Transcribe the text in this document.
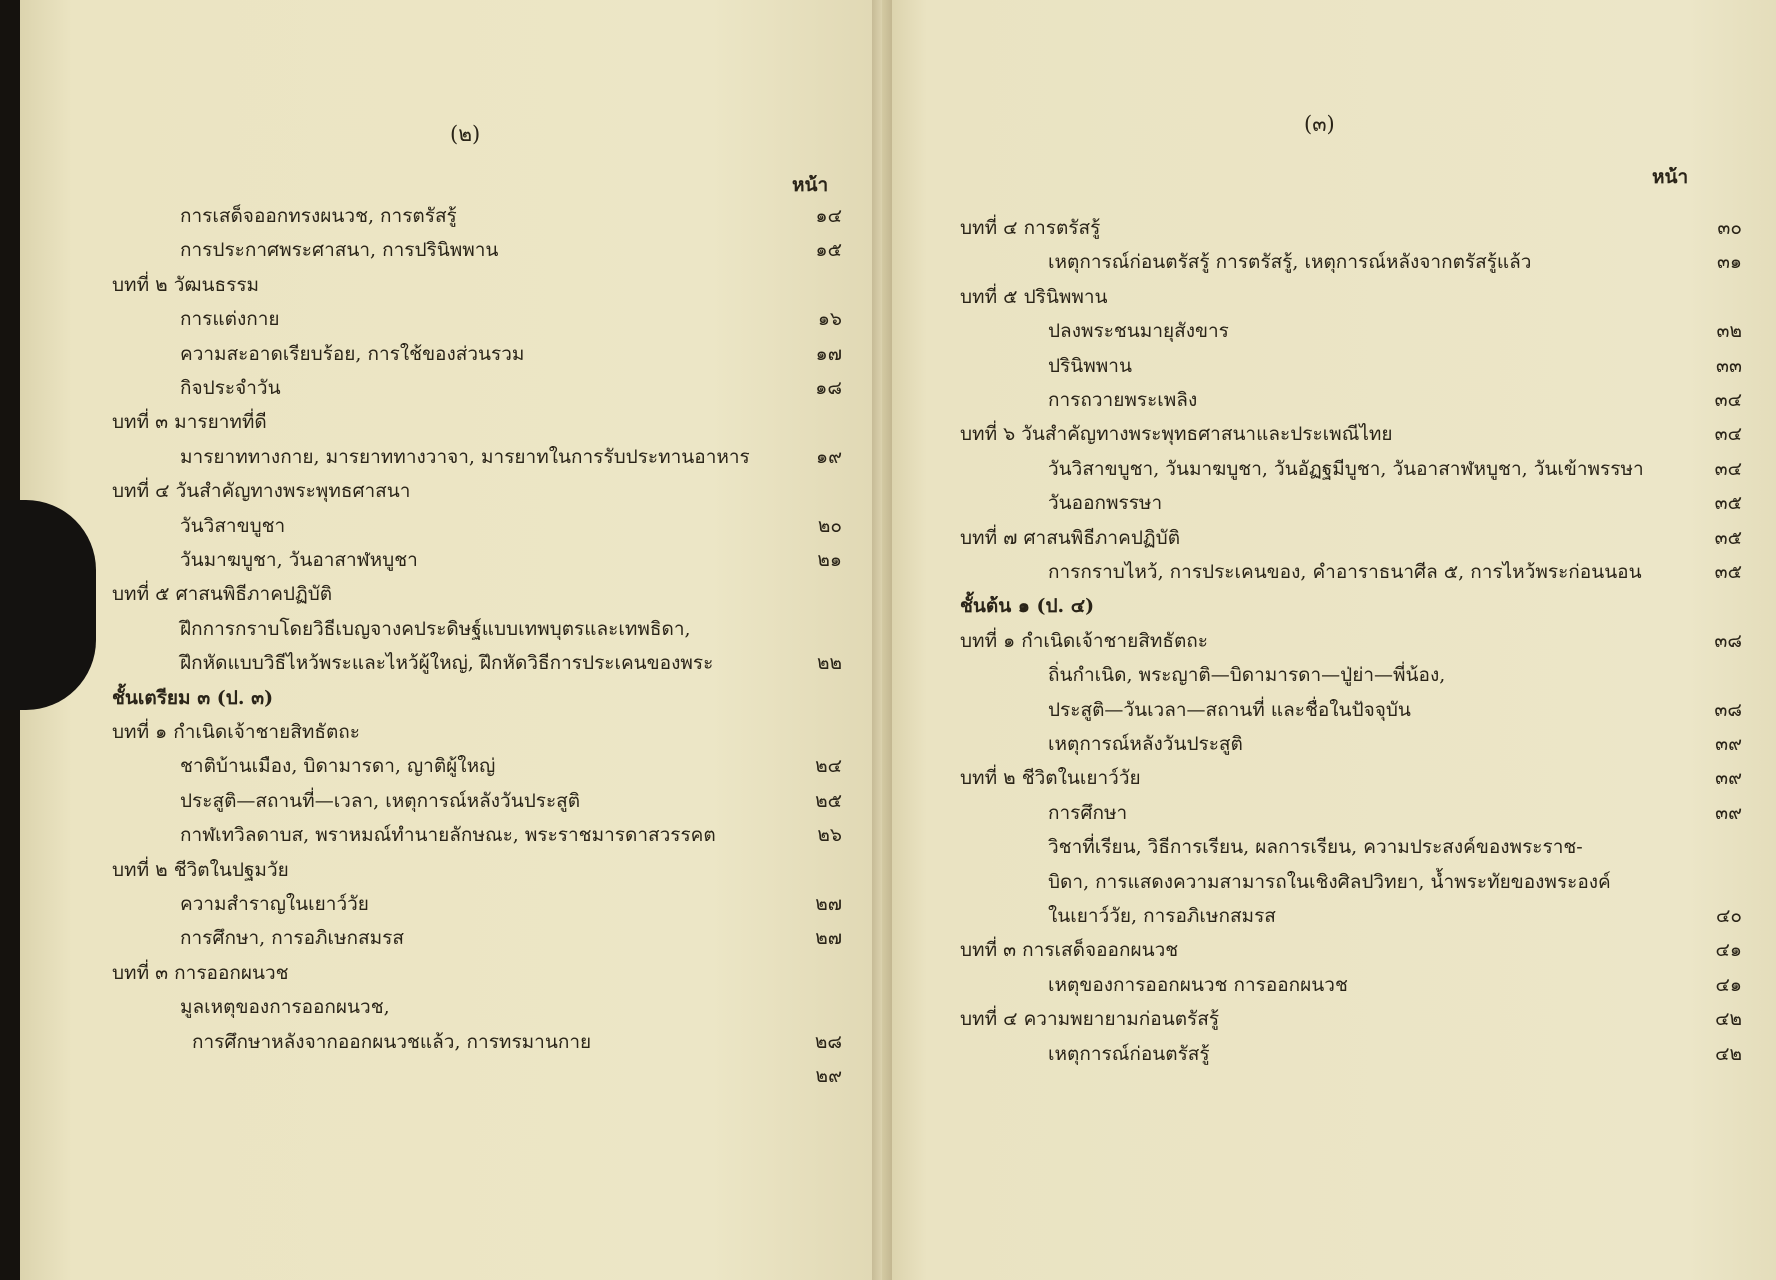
(๒)
หน้า
การเสด็จออกทรงผนวช, การตรัสรู้	๑๔
การประกาศพระศาสนา, การปรินิพพาน	๑๕
บทที่ ๒ วัฒนธรรม
การแต่งกาย	๑๖
ความสะอาดเรียบร้อย, การใช้ของส่วนรวม	๑๗
กิจประจำวัน	๑๘
บทที่ ๓ มารยาทที่ดี
มารยาททางกาย, มารยาททางวาจา, มารยาทในการรับประทานอาหาร	๑๙
บทที่ ๔ วันสำคัญทางพระพุทธศาสนา
วันวิสาขบูชา	๒๐
วันมาฆบูชา, วันอาสาฬหบูชา	๒๑
บทที่ ๕ ศาสนพิธีภาคปฏิบัติ
ฝึกการกราบโดยวิธีเบญจางคประดิษฐ์แบบเทพบุตรและเทพธิดา,
ฝึกหัดแบบวิธีไหว้พระและไหว้ผู้ใหญ่, ฝึกหัดวิธีการประเคนของพระ	๒๒
ชั้นเตรียม ๓ (ป. ๓)
บทที่ ๑ กำเนิดเจ้าชายสิทธัตถะ
ชาติบ้านเมือง, บิดามารดา, ญาติผู้ใหญ่	๒๔
ประสูติ—สถานที่—เวลา, เหตุการณ์หลังวันประสูติ	๒๕
กาฬเทวิลดาบส, พราหมณ์ทำนายลักษณะ, พระราชมารดาสวรรคต	๒๖
บทที่ ๒ ชีวิตในปฐมวัย
ความสำราญในเยาว์วัย	๒๗
การศึกษา, การอภิเษกสมรส	๒๗
บทที่ ๓ การออกผนวช
มูลเหตุของการออกผนวช,
การศึกษาหลังจากออกผนวชแล้ว, การทรมานกาย	๒๘
๒๙
(๓)
หน้า
บทที่ ๔ การตรัสรู้	๓๐
เหตุการณ์ก่อนตรัสรู้ การตรัสรู้, เหตุการณ์หลังจากตรัสรู้แล้ว	๓๑
บทที่ ๕ ปรินิพพาน
ปลงพระชนมายุสังขาร	๓๒
ปรินิพพาน	๓๓
การถวายพระเพลิง	๓๔
บทที่ ๖ วันสำคัญทางพระพุทธศาสนาและประเพณีไทย	๓๔
วันวิสาขบูชา, วันมาฆบูชา, วันอัฏฐมีบูชา, วันอาสาฬหบูชา, วันเข้าพรรษา	๓๔
วันออกพรรษา	๓๕
บทที่ ๗ ศาสนพิธีภาคปฏิบัติ	๓๕
การกราบไหว้, การประเคนของ, คำอาราธนาศีล ๕, การไหว้พระก่อนนอน	๓๕
ชั้นต้น ๑ (ป. ๔)
บทที่ ๑ กำเนิดเจ้าชายสิทธัตถะ	๓๘
ถิ่นกำเนิด, พระญาติ—บิดามารดา—ปู่ย่า—พี่น้อง,
ประสูติ—วันเวลา—สถานที่ และชื่อในปัจจุบัน	๓๘
เหตุการณ์หลังวันประสูติ	๓๙
บทที่ ๒ ชีวิตในเยาว์วัย	๓๙
การศึกษา	๓๙
วิชาที่เรียน, วิธีการเรียน, ผลการเรียน, ความประสงค์ของพระราช-
บิดา, การแสดงความสามารถในเชิงศิลปวิทยา, น้ำพระทัยของพระองค์
ในเยาว์วัย, การอภิเษกสมรส	๔๐
บทที่ ๓ การเสด็จออกผนวช	๔๑
เหตุของการออกผนวช การออกผนวช	๔๑
บทที่ ๔ ความพยายามก่อนตรัสรู้	๔๒
เหตุการณ์ก่อนตรัสรู้	๔๒
